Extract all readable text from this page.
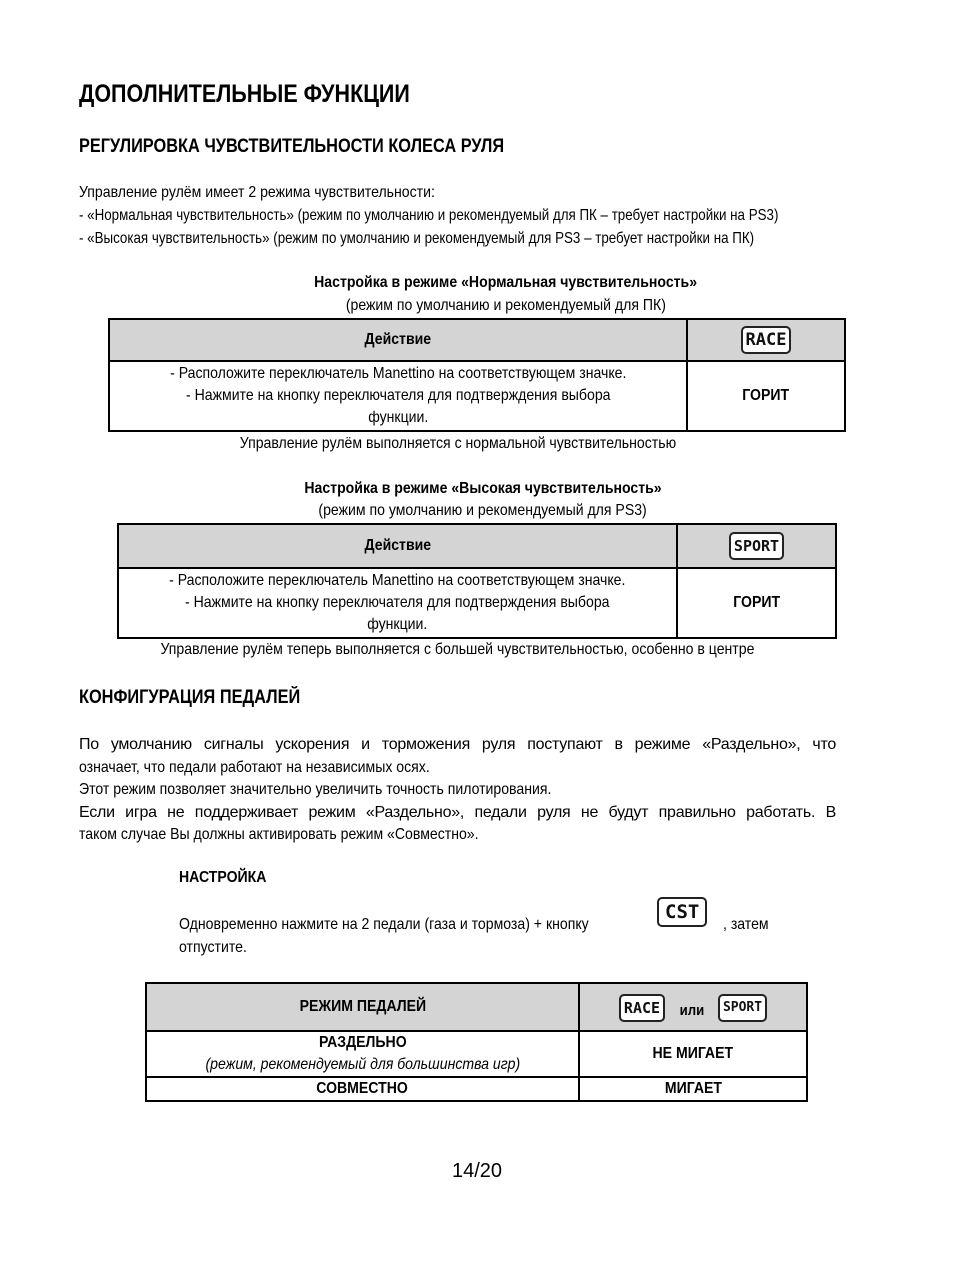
ДОПОЛНИТЕЛЬНЫЕ ФУНКЦИИ
РЕГУЛИРОВКА ЧУВСТВИТЕЛЬНОСТИ КОЛЕСА РУЛЯ
Управление рулём имеет 2 режима чувствительности:
- «Нормальная чувствительность» (режим по умолчанию и рекомендуемый для ПК – требует настройки на PS3)
- «Высокая чувствительность» (режим по умолчанию и рекомендуемый для PS3 – требует настройки на ПК)
Настройка в режиме «Нормальная чувствительность»
(режим по умолчанию и рекомендуемый для ПК)
Действие	RACE
- Расположите переключатель Manettino на соответствующем значке.
- Нажмите на кнопку переключателя для подтверждения выбора
функции.	ГОРИТ
Управление рулём выполняется с нормальной чувствительностью
Настройка в режиме «Высокая чувствительность»
(режим по умолчанию и рекомендуемый для PS3)
Действие	SPORT
- Расположите переключатель Manettino на соответствующем значке.
- Нажмите на кнопку переключателя для подтверждения выбора
функции.	ГОРИТ
Управление рулём теперь выполняется с большей чувствительностью, особенно в центре
КОНФИГУРАЦИЯ ПЕДАЛЕЙ
По умолчанию сигналы ускорения и торможения руля поступают в режиме «Раздельно», что
означает, что педали работают на независимых осях.
Этот режим позволяет значительно увеличить точность пилотирования.
Если игра не поддерживает режим «Раздельно», педали руля не будут правильно работать. В
таком случае Вы должны активировать режим «Совместно».
НАСТРОЙКА
Одновременно нажмите на 2 педали (газа и тормоза) + кнопку
CST
, затем
отпустите.
РЕЖИМ ПЕДАЛЕЙ	RACE или SPORT
РАЗДЕЛЬНО
(режим, рекомендуемый для большинства игр)	НЕ МИГАЕТ
СОВМЕСТНО	МИГАЕТ
14/20
